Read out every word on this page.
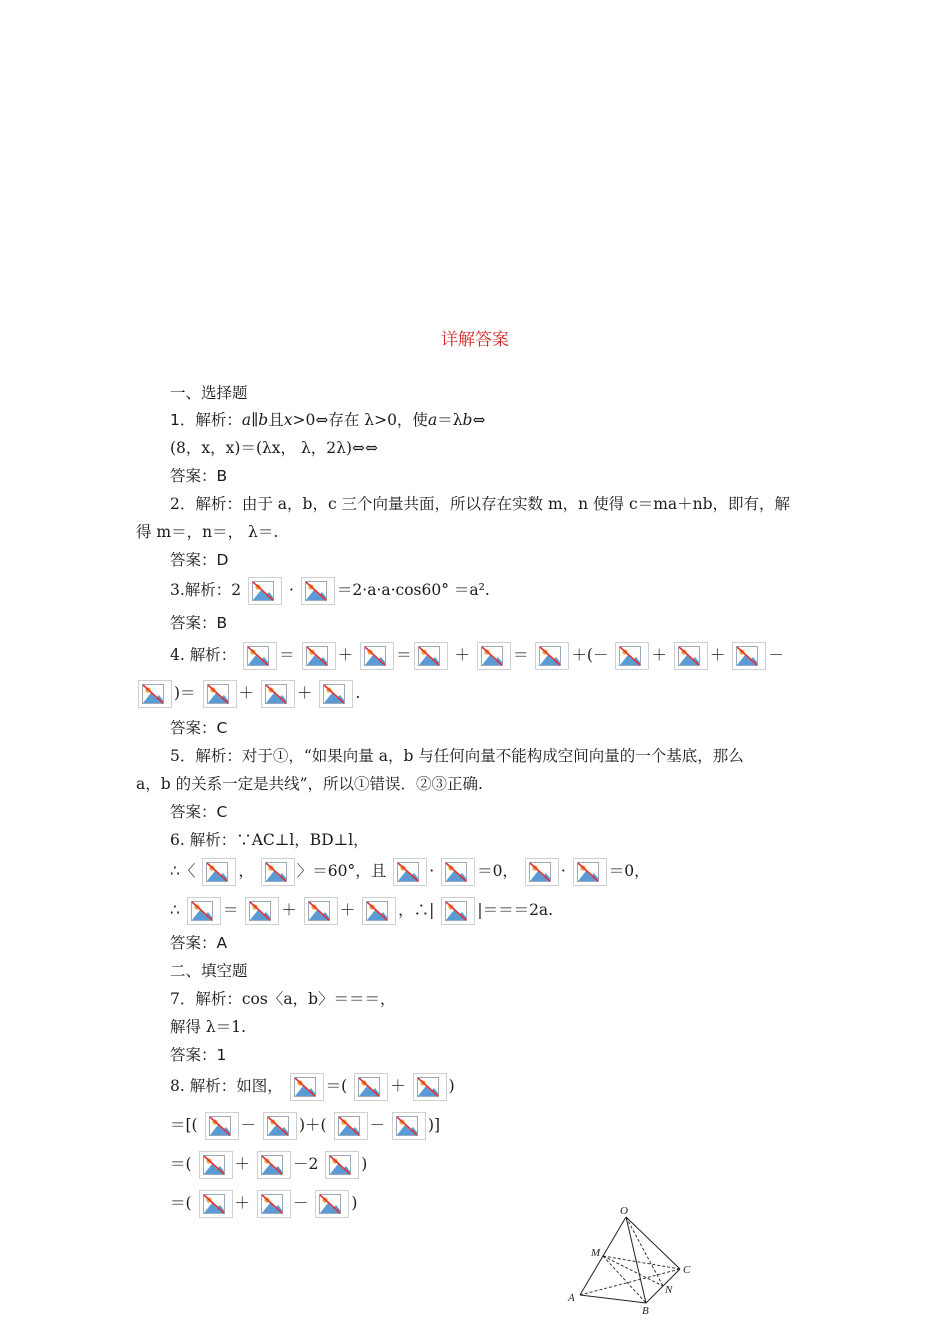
详解答案
一、选择题
1．解析：a∥b且x>0⇔存在 λ>0，使a＝λb⇔
(8，x，x)＝(λx， λ，2λ)⇔⇔
答案：B
2．解析：由于 a，b，c 三个向量共面，所以存在实数 m，n 使得 c＝ma＋nb，即有，解
得 m＝，n＝， λ＝.
答案：D
3.解析：2	·	＝2·a·a·cos60° ＝a².
答案：B
4. 解析：	＝	＋	＝	＋	＝	＋(－	＋	＋	－
)＝	＋	＋	.
答案：C
5．解析：对于①，“如果向量 a，b 与任何向量不能构成空间向量的一个基底，那么
a，b 的关系一定是共线”，所以①错误．②③正确.
答案：C
6. 解析：∵AC⊥l，BD⊥l，
∴〈	，	〉＝60°，且	·	＝0，	·	＝0，
∴	＝	＋	＋	，∴|	|＝＝＝2a.
答案：A
二、填空题
7．解析：cos〈a，b〉＝＝＝，
解得 λ＝1.
答案：1
8. 解析：如图，	＝(	＋	)
＝[(	－	)＋(	－	)]
＝(	＋	－2	)
＝(	＋	－	)	O
M
C
N
A
B
